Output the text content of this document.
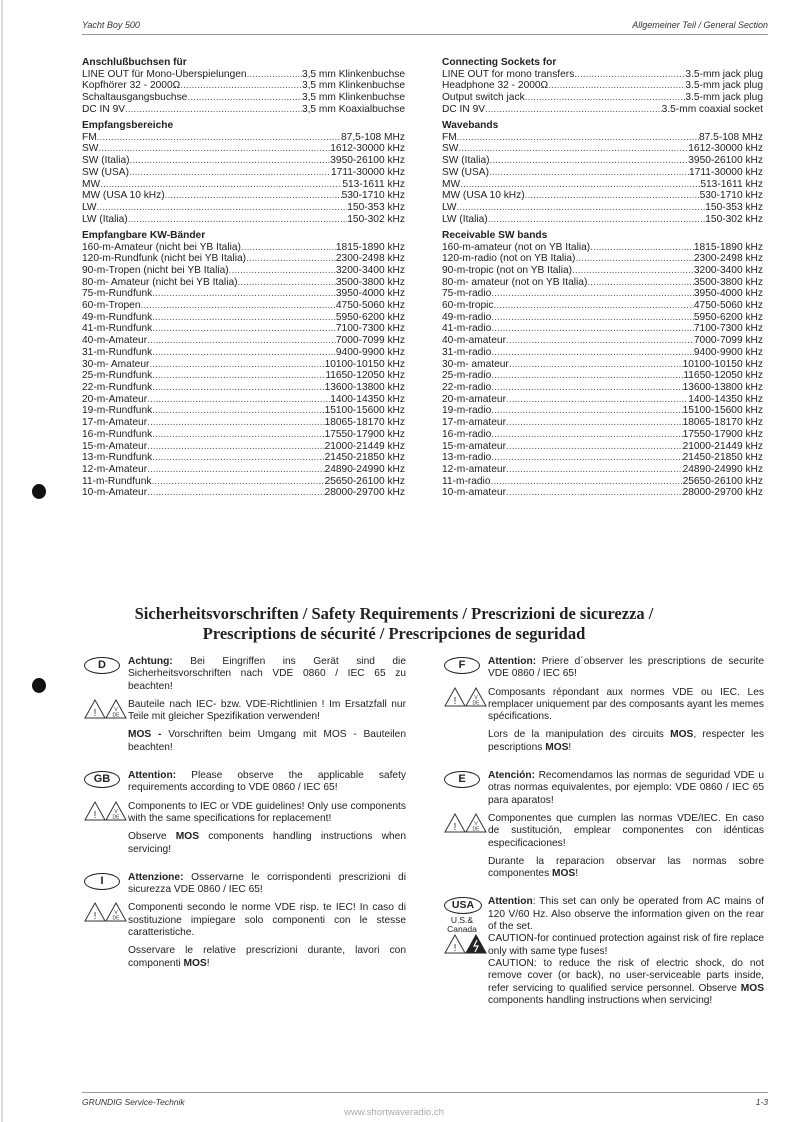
Yacht Boy 500	Allgemeiner Teil / General Section
Anschlußbuchsen für
LINE OUT für Mono-Überspielungen .....	3,5 mm Klinkenbuchse
Kopfhörer 32 - 2000Ω .....	3,5 mm Klinkenbuchse
Schaltausgangsbuchse .....	3,5 mm Klinkenbuchse
DC IN 9V .....	3,5 mm Koaxialbuchse
Empfangsbereiche
FM .....	87,5-108 MHz
SW .....	1612-30000 kHz
SW (Italia) .....	3950-26100 kHz
SW (USA) .....	1711-30000 kHz
MW .....	513-1611 kHz
MW (USA 10 kHz) .....	530-1710 kHz
LW .....	150-353 kHz
LW (Italia) .....	150-302 kHz
Empfangbare KW-Bänder
160-m-Amateur (nicht bei YB Italia) .....	1815-1890 kHz
120-m-Rundfunk (nicht bei YB Italia) .....	2300-2498 kHz
90-m-Tropen (nicht bei YB Italia) .....	3200-3400 kHz
80-m- Amateur (nicht bei YB Italia) .....	3500-3800 kHz
75-m-Rundfunk .....	3950-4000 kHz
60-m-Tropen .....	4750-5060 kHz
49-m-Rundfunk .....	5950-6200 kHz
41-m-Rundfunk .....	7100-7300 kHz
40-m-Amateur .....	7000-7099 kHz
31-m-Rundfunk .....	9400-9900 kHz
30-m- Amateur .....	10100-10150 kHz
25-m-Rundfunk .....	11650-12050 kHz
22-m-Rundfunk .....	13600-13800 kHz
20-m-Amateur .....	1400-14350 kHz
19-m-Rundfunk .....	15100-15600 kHz
17-m-Amateur .....	18065-18170 kHz
16-m-Rundfunk .....	17550-17900 kHz
15-m-Amateur .....	21000-21449 kHz
13-m-Rundfunk .....	21450-21850 kHz
12-m-Amateur .....	24890-24990 kHz
11-m-Rundfunk .....	25650-26100 kHz
10-m-Amateur .....	28000-29700 kHz
Connecting Sockets for
LINE OUT for mono transfers .....	3.5-mm jack plug
Headphone 32 - 2000Ω .....	3.5-mm jack plug
Output switch jack .....	3.5-mm jack plug
DC IN 9V .....	3.5-mm coaxial socket
Wavebands
FM .....	87.5-108 MHz
SW .....	1612-30000 kHz
SW (Italia) .....	3950-26100 kHz
SW (USA) .....	1711-30000 kHz
MW .....	513-1611 kHz
MW (USA 10 kHz) .....	530-1710 kHz
LW .....	150-353 kHz
LW (Italia) .....	150-302 kHz
Receivable SW bands
160-m-amateur (not on YB Italia) .....	1815-1890 kHz
120-m-radio (not on YB Italia) .....	2300-2498 kHz
90-m-tropic (not on YB Italia) .....	3200-3400 kHz
80-m- amateur (not on YB Italia) .....	3500-3800 kHz
75-m-radio .....	3950-4000 kHz
60-m-tropic .....	4750-5060 kHz
49-m-radio .....	5950-6200 kHz
41-m-radio .....	7100-7300 kHz
40-m-amateur .....	7000-7099 kHz
31-m-radio .....	9400-9900 kHz
30-m- amateur .....	10100-10150 kHz
25-m-radio .....	11650-12050 kHz
22-m-radio .....	13600-13800 kHz
20-m-amateur .....	1400-14350 kHz
19-m-radio .....	15100-15600 kHz
17-m-amateur .....	18065-18170 kHz
16-m-radio .....	17550-17900 kHz
15-m-amateur .....	21000-21449 kHz
13-m-radio .....	21450-21850 kHz
12-m-amateur .....	24890-24990 kHz
11-m-radio .....	25650-26100 kHz
10-m-amateur .....	28000-29700 kHz
Sicherheitsvorschriften / Safety Requirements / Prescrizioni de sicurezza /
Prescriptions de sécurité / Prescripciones de seguridad
D	Achtung: Bei Eingriffen ins Gerät sind die Sicherheitsvorschriften nach VDE 0860 / IEC 65 zu beachten!
Bauteile nach IEC- bzw. VDE-Richtlinien ! Im Ersatzfall nur Teile mit gleicher Spezifikation verwenden!
MOS - Vorschriften beim Umgang mit MOS - Bauteilen beachten!
GB	Attention: Please observe the applicable safety requirements according to VDE 0860 / IEC 65!
Components to IEC or VDE guidelines! Only use components with the same specifications for replacement!
Observe MOS components handling instructions when servicing!
I	Attenzione: Osservarne le corrispondenti prescrizioni di sicurezza VDE 0860 / IEC 65!
Componenti secondo le norme VDE risp. te IEC! In caso di sostituzione impiegare solo componenti con le stesse caratteristiche.
Osservare le relative prescrizioni durante, lavori con componenti MOS!
F	Attention: Priere d´observer les prescriptions de securite VDE 0860 / IEC 65!
Composants répondant aux normes VDE ou IEC. Les remplacer uniquement par des composants ayant les memes spécifications.
Lors de la manipulation des circuits MOS, respecter les pescriptions MOS!
E	Atención: Recomendamos las normas de seguridad VDE u otras normas equivalentes, por ejemplo: VDE 0860 / IEC 65 para aparatos!
Componentes que cumplen las normas VDE/IEC. En caso de sustitución, emplear componentes con idénticas especificaciones!
Durante la reparacion observar las normas sobre componentes MOS!
USA
U.S.& Canada
Attention: This set can only be operated from AC mains of 120 V/60 Hz. Also observe the information given on the rear of the set.
CAUTION-for continued protection against risk of fire replace only with same type fuses!
CAUTION: to reduce the risk of electric shock, do not remove cover (or back), no user-serviceable parts inside, refer servicing to qualified service personnel. Observe MOS components handling instructions when servicing!
GRUNDIG Service-Technik	1-3
www.shortwaveradio.ch
